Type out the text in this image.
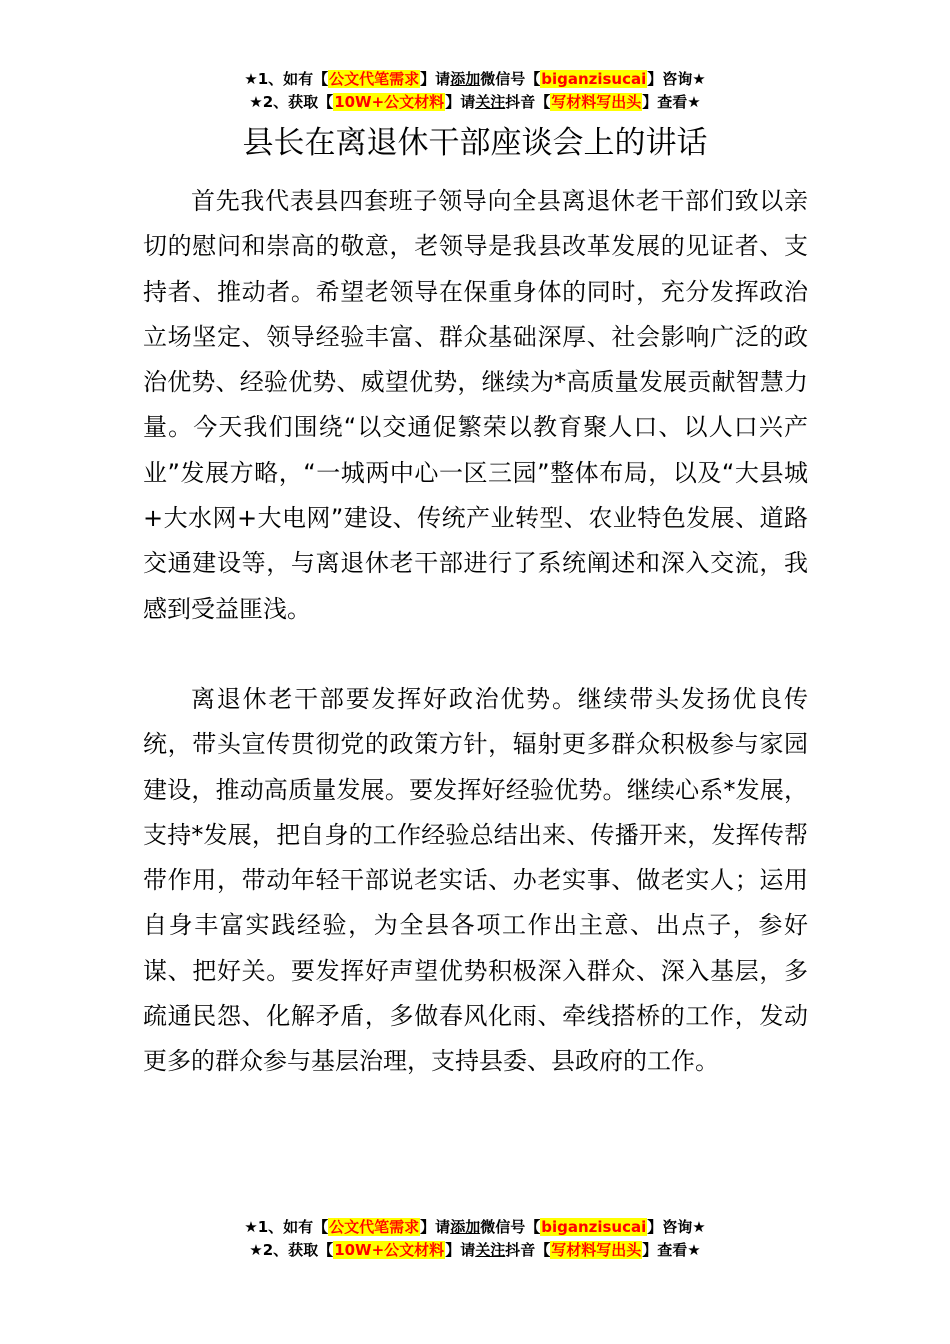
★1、如有【公文代笔需求】请添加微信号【biganzisucai】咨询★
★2、获取【10W+公文材料】请关注抖音【写材料写出头】查看★
县长在离退休干部座谈会上的讲话

首先我代表县四套班子领导向全县离退休老干部们致以亲切的慰问和崇高的敬意，老领导是我县改革发展的见证者、支持者、推动者。希望老领导在保重身体的同时，充分发挥政治立场坚定、领导经验丰富、群众基础深厚、社会影响广泛的政治优势、经验优势、威望优势，继续为*高质量发展贡献智慧力量。今天我们围绕“以交通促繁荣以教育聚人口、以人口兴产业”发展方略，“一城两中心一区三园”整体布局，以及“大县城+大水网+大电网”建设、传统产业转型、农业特色发展、道路交通建设等，与离退休老干部进行了系统阐述和深入交流，我感到受益匪浅。

离退休老干部要发挥好政治优势。继续带头发扬优良传统，带头宣传贯彻党的政策方针，辐射更多群众积极参与家园建设，推动高质量发展。要发挥好经验优势。继续心系*发展，支持*发展，把自身的工作经验总结出来、传播开来，发挥传帮带作用，带动年轻干部说老实话、办老实事、做老实人；运用自身丰富实践经验，为全县各项工作出主意、出点子，参好谋、把好关。要发挥好声望优势积极深入群众、深入基层，多疏通民怨、化解矛盾，多做春风化雨、牵线搭桥的工作，发动更多的群众参与基层治理，支持县委、县政府的工作。

★1、如有【公文代笔需求】请添加微信号【biganzisucai】咨询★
★2、获取【10W+公文材料】请关注抖音【写材料写出头】查看★
